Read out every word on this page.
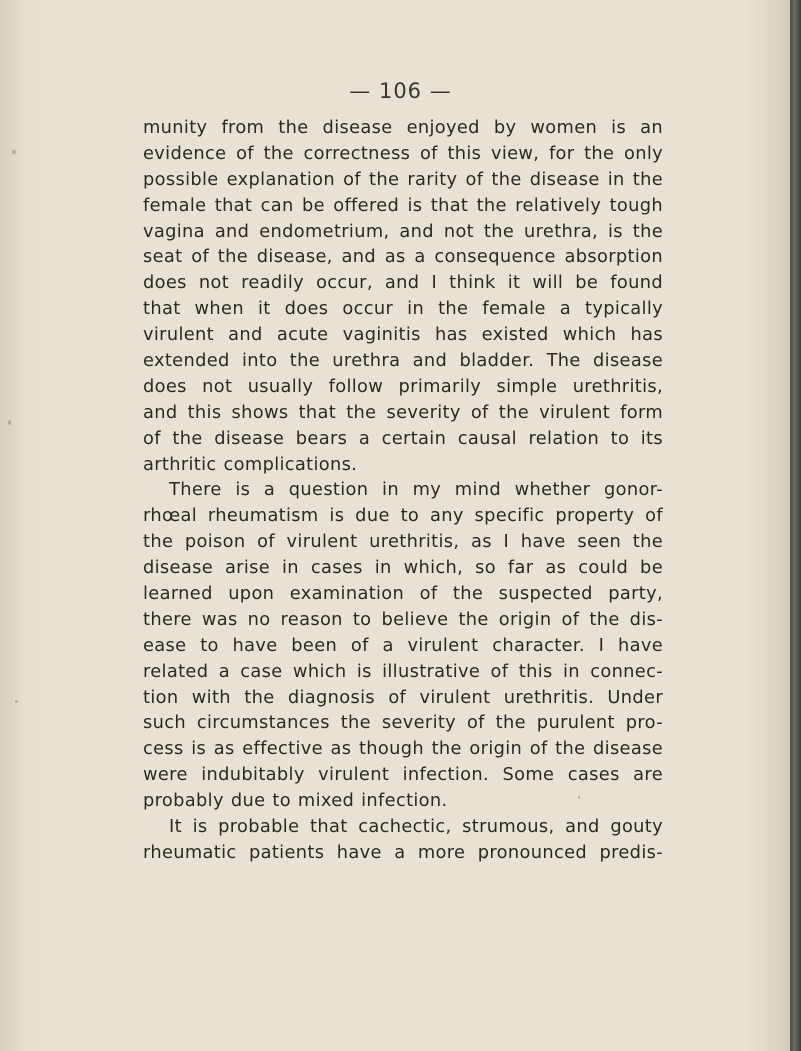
— 106 —
munity from the disease enjoyed by women is an
evidence of the correctness of this view, for the only
possible explanation of the rarity of the disease in the
female that can be offered is that the relatively tough
vagina and endometrium, and not the urethra, is the
seat of the disease, and as a consequence absorption
does not readily occur, and I think it will be found
that when it does occur in the female a typically
virulent and acute vaginitis has existed which has
extended into the urethra and bladder. The disease
does not usually follow primarily simple urethritis,
and this shows that the severity of the virulent form
of the disease bears a certain causal relation to its
arthritic complications.
There is a question in my mind whether gonor-
rhœal rheumatism is due to any specific property of
the poison of virulent urethritis, as I have seen the
disease arise in cases in which, so far as could be
learned upon examination of the suspected party,
there was no reason to believe the origin of the dis-
ease to have been of a virulent character. I have
related a case which is illustrative of this in connec-
tion with the diagnosis of virulent urethritis. Under
such circumstances the severity of the purulent pro-
cess is as effective as though the origin of the disease
were indubitably virulent infection. Some cases are
probably due to mixed infection.
It is probable that cachectic, strumous, and gouty
rheumatic patients have a more pronounced predis-
